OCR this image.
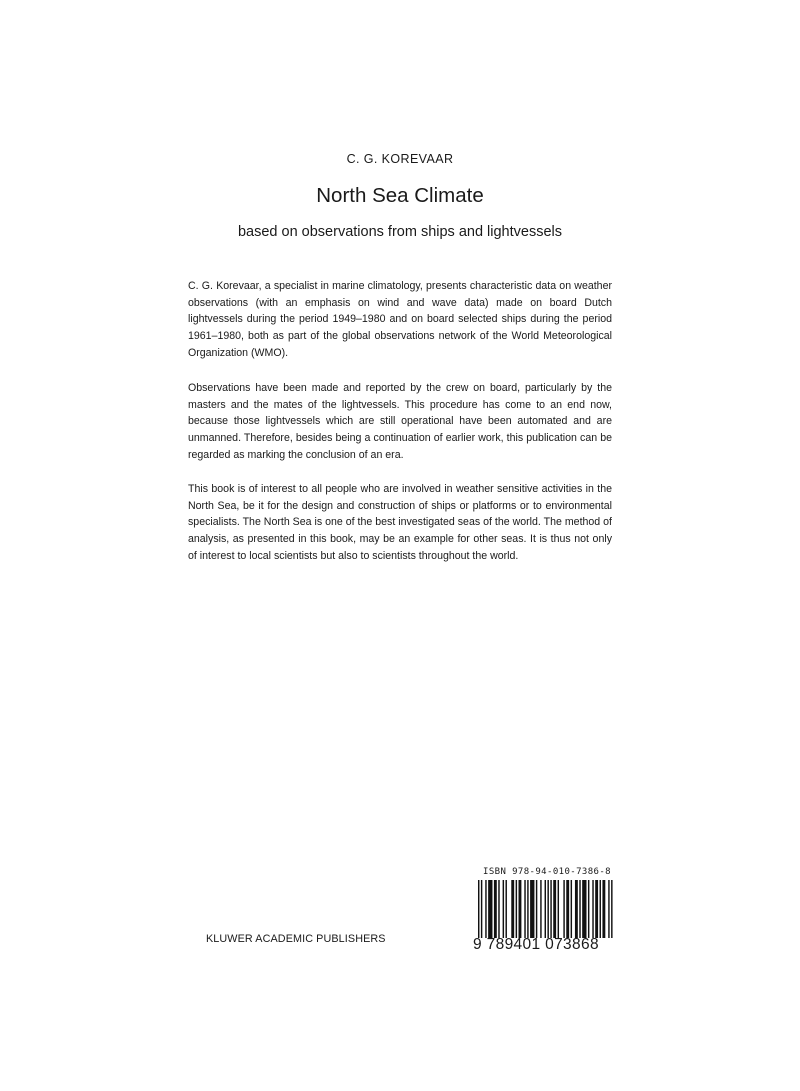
C. G. KOREVAAR
North Sea Climate
based on observations from ships and lightvessels

C. G. Korevaar, a specialist in marine climatology, presents characteristic data on weather observations (with an emphasis on wind and wave data) made on board Dutch lightvessels during the period 1949–1980 and on board selected ships during the period 1961–1980, both as part of the global observations network of the World Meteorological Organization (WMO).

Observations have been made and reported by the crew on board, particularly by the masters and the mates of the lightvessels. This procedure has come to an end now, because those lightvessels which are still operational have been automated and are unmanned. Therefore, besides being a continuation of earlier work, this publication can be regarded as marking the conclusion of an era.

This book is of interest to all people who are involved in weather sensitive activities in the North Sea, be it for the design and construction of ships or platforms or to environmental specialists. The North Sea is one of the best investigated seas of the world. The method of analysis, as presented in this book, may be an example for other seas. It is thus not only of interest to local scientists but also to scientists throughout the world.

KLUWER ACADEMIC PUBLISHERS
ISBN 978-94-010-7386-8
9 789401 073868
